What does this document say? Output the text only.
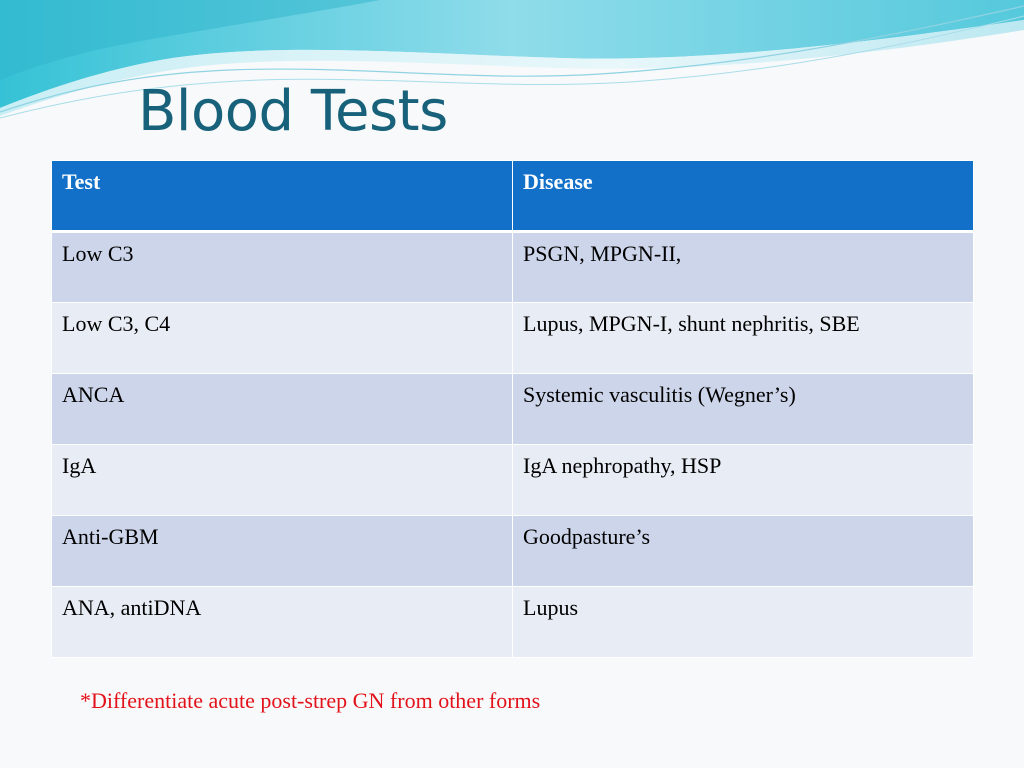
Blood Tests
Test	Disease
Low C3	PSGN, MPGN-II,
Low C3, C4	Lupus, MPGN-I, shunt nephritis, SBE
ANCA	Systemic vasculitis (Wegner’s)
IgA	IgA nephropathy, HSP
Anti-GBM	Goodpasture’s
ANA, antiDNA	Lupus

*Differentiate acute post-strep GN from other forms
